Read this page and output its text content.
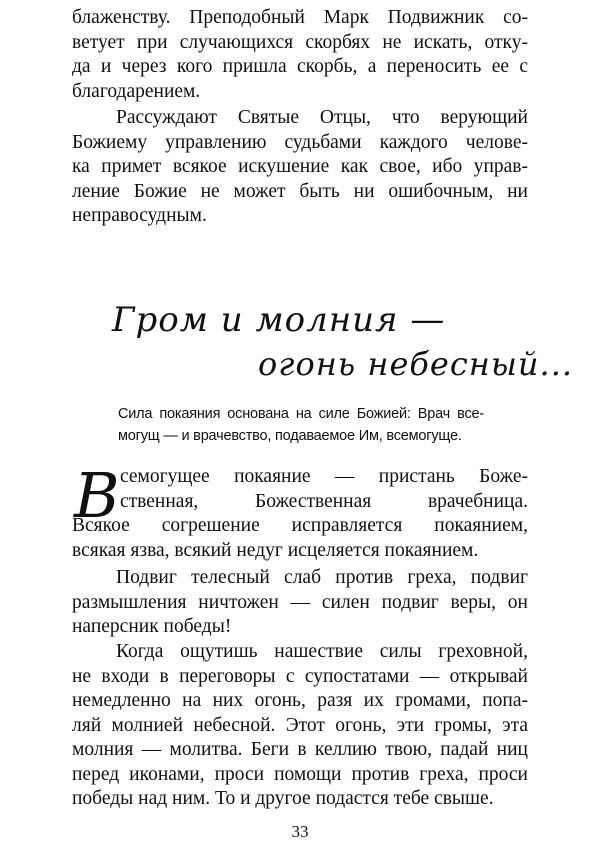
блаженству. Преподобный Марк Подвижник со-
ветует при случающихся скорбях не искать, отку-
да и через кого пришла скорбь, а переносить ее с
благодарением.

Рассуждают Святые Отцы, что верующий
Божиему управлению судьбами каждого челове-
ка примет всякое искушение как свое, ибо управ-
ление Божие не может быть ни ошибочным, ни
неправосудным.

Гром и молния —
огонь небесный...
Сила покаяния основана на силе Божией: Врач все-
могущ — и врачевство, подаваемое Им, всемогуще.
В семогущее покаяние — пристань Боже-
ственная, Божественная врачебница.
Всякое согрешение исправляется покаянием,
всякая язва, всякий недуг исцеляется покаянием.

Подвиг телесный слаб против греха, подвиг
размышления ничтожен — силен подвиг веры, он
наперсник победы!

Когда ощутишь нашествие силы греховной,
не входи в переговоры с супостатами — открывай
немедленно на них огонь, разя их громами, попа-
ляй молнией небесной. Этот огонь, эти громы, эта
молния — молитва. Беги в келлию твою, падай ниц
перед иконами, проси помощи против греха, проси
победы над ним. То и другое подастся тебе свыше.

33
